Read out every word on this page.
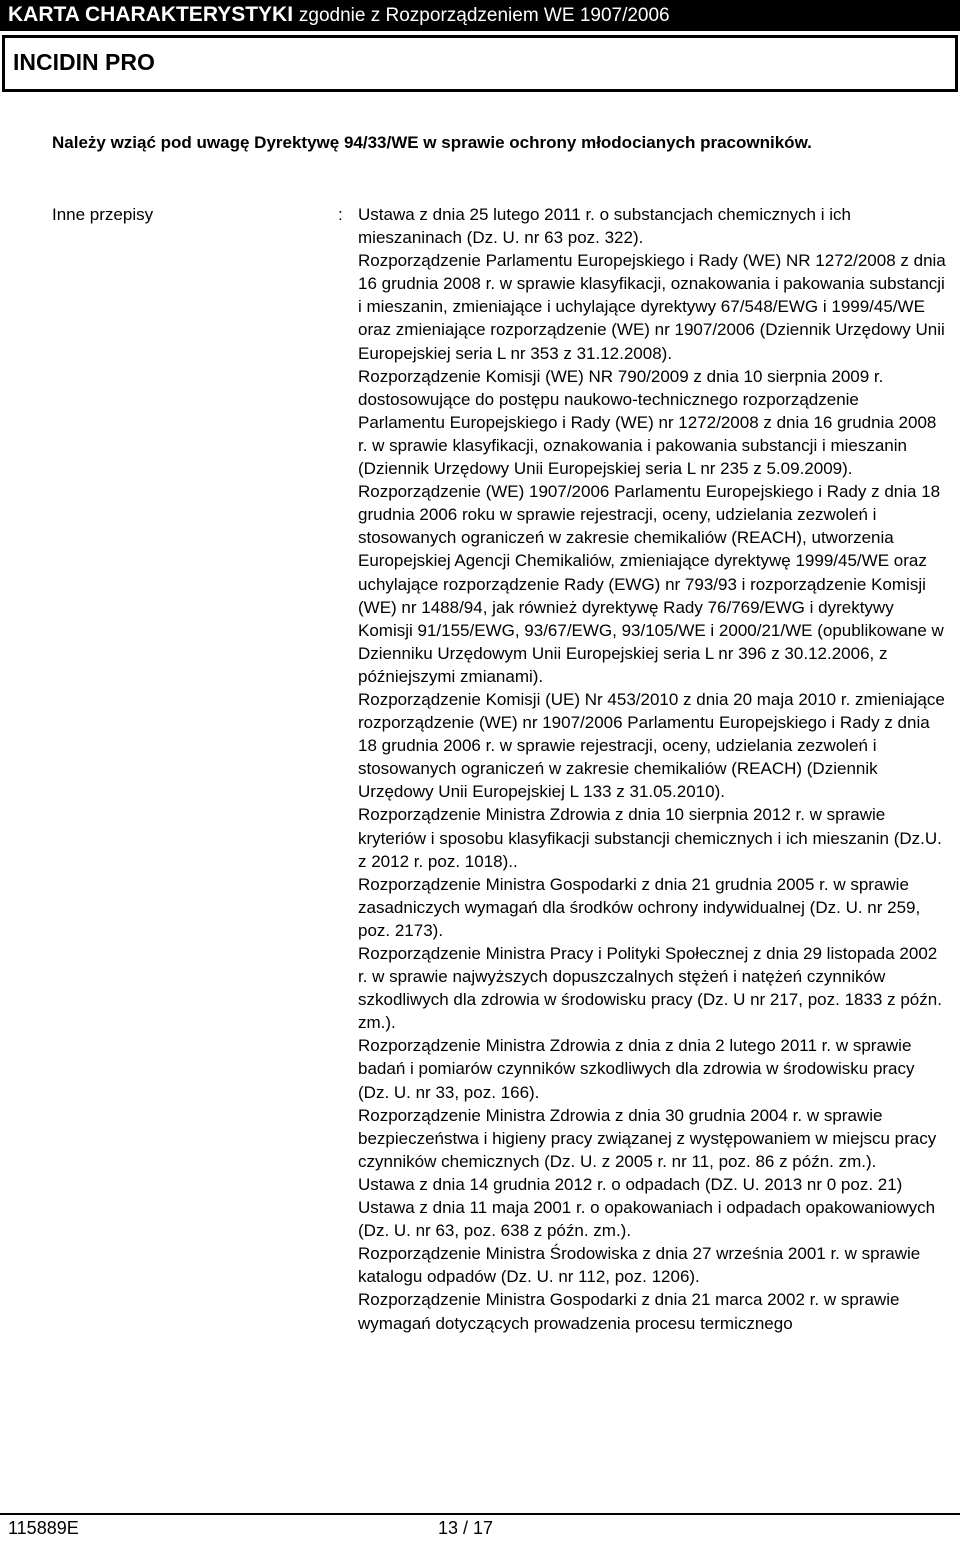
KARTA CHARAKTERYSTYKI zgodnie z Rozporządzeniem WE 1907/2006
INCIDIN PRO
Należy wziąć pod uwagę Dyrektywę 94/33/WE w sprawie ochrony młodocianych pracowników.
Inne przepisy	: Ustawa z dnia 25 lutego 2011 r. o substancjach chemicznych i ich mieszaninach (Dz. U. nr 63 poz. 322).

Rozporządzenie Parlamentu Europejskiego i Rady (WE) NR 1272/2008 z dnia 16 grudnia 2008 r. w sprawie klasyfikacji, oznakowania i pakowania substancji i mieszanin, zmieniające i uchylające dyrektywy 67/548/EWG i 1999/45/WE oraz zmieniające rozporządzenie (WE) nr 1907/2006 (Dziennik Urzędowy Unii Europejskiej seria L nr 353 z 31.12.2008).

Rozporządzenie Komisji (WE) NR 790/2009 z dnia 10 sierpnia 2009 r. dostosowujące do postępu naukowo-technicznego rozporządzenie Parlamentu Europejskiego i Rady (WE) nr 1272/2008 z dnia 16 grudnia 2008 r. w sprawie klasyfikacji, oznakowania i pakowania substancji i mieszanin (Dziennik Urzędowy Unii Europejskiej seria L nr 235 z 5.09.2009).

Rozporządzenie (WE) 1907/2006 Parlamentu Europejskiego i Rady z dnia 18 grudnia 2006 roku w sprawie rejestracji, oceny, udzielania zezwoleń i stosowanych ograniczeń w zakresie chemikaliów (REACH), utworzenia Europejskiej Agencji Chemikaliów, zmieniające dyrektywę 1999/45/WE oraz uchylające rozporządzenie Rady (EWG) nr 793/93 i rozporządzenie Komisji (WE) nr 1488/94, jak również dyrektywę Rady 76/769/EWG i dyrektywy Komisji 91/155/EWG, 93/67/EWG, 93/105/WE i 2000/21/WE (opublikowane w Dzienniku Urzędowym Unii Europejskiej seria L nr 396 z 30.12.2006, z późniejszymi zmianami).

Rozporządzenie Komisji (UE) Nr 453/2010 z dnia 20 maja 2010 r. zmieniające rozporządzenie (WE) nr 1907/2006 Parlamentu Europejskiego i Rady z dnia 18 grudnia 2006 r. w sprawie rejestracji, oceny, udzielania zezwoleń i stosowanych ograniczeń w zakresie chemikaliów (REACH) (Dziennik Urzędowy Unii Europejskiej L 133 z 31.05.2010).

Rozporządzenie Ministra Zdrowia z dnia 10 sierpnia 2012 r. w sprawie kryteriów i sposobu klasyfikacji substancji chemicznych i ich mieszanin (Dz.U. z 2012 r. poz. 1018)..

Rozporządzenie Ministra Gospodarki z dnia 21 grudnia 2005 r. w sprawie zasadniczych wymagań dla środków ochrony indywidualnej (Dz. U. nr 259, poz. 2173).

Rozporządzenie Ministra Pracy i Polityki Społecznej z dnia 29 listopada 2002 r. w sprawie najwyższych dopuszczalnych stężeń i natężeń czynników szkodliwych dla zdrowia w środowisku pracy (Dz. U nr 217, poz. 1833 z późn. zm.).

Rozporządzenie Ministra Zdrowia z dnia z dnia 2 lutego 2011 r. w sprawie badań i pomiarów czynników szkodliwych dla zdrowia w środowisku pracy (Dz. U. nr 33, poz. 166).

Rozporządzenie Ministra Zdrowia z dnia 30 grudnia 2004 r. w sprawie bezpieczeństwa i higieny pracy związanej z występowaniem w miejscu pracy czynników chemicznych (Dz. U. z 2005 r. nr 11, poz. 86 z późn. zm.).

Ustawa z dnia 14 grudnia 2012 r. o odpadach (DZ. U. 2013 nr 0 poz. 21)

Ustawa z dnia 11 maja 2001 r. o opakowaniach i odpadach opakowaniowych (Dz. U. nr 63, poz. 638 z późn. zm.).

Rozporządzenie Ministra Środowiska z dnia 27 września 2001 r. w sprawie katalogu odpadów (Dz. U. nr 112, poz. 1206).

Rozporządzenie Ministra Gospodarki z dnia 21 marca 2002 r. w sprawie wymagań dotyczących prowadzenia procesu termicznego

115889E	13 / 17
